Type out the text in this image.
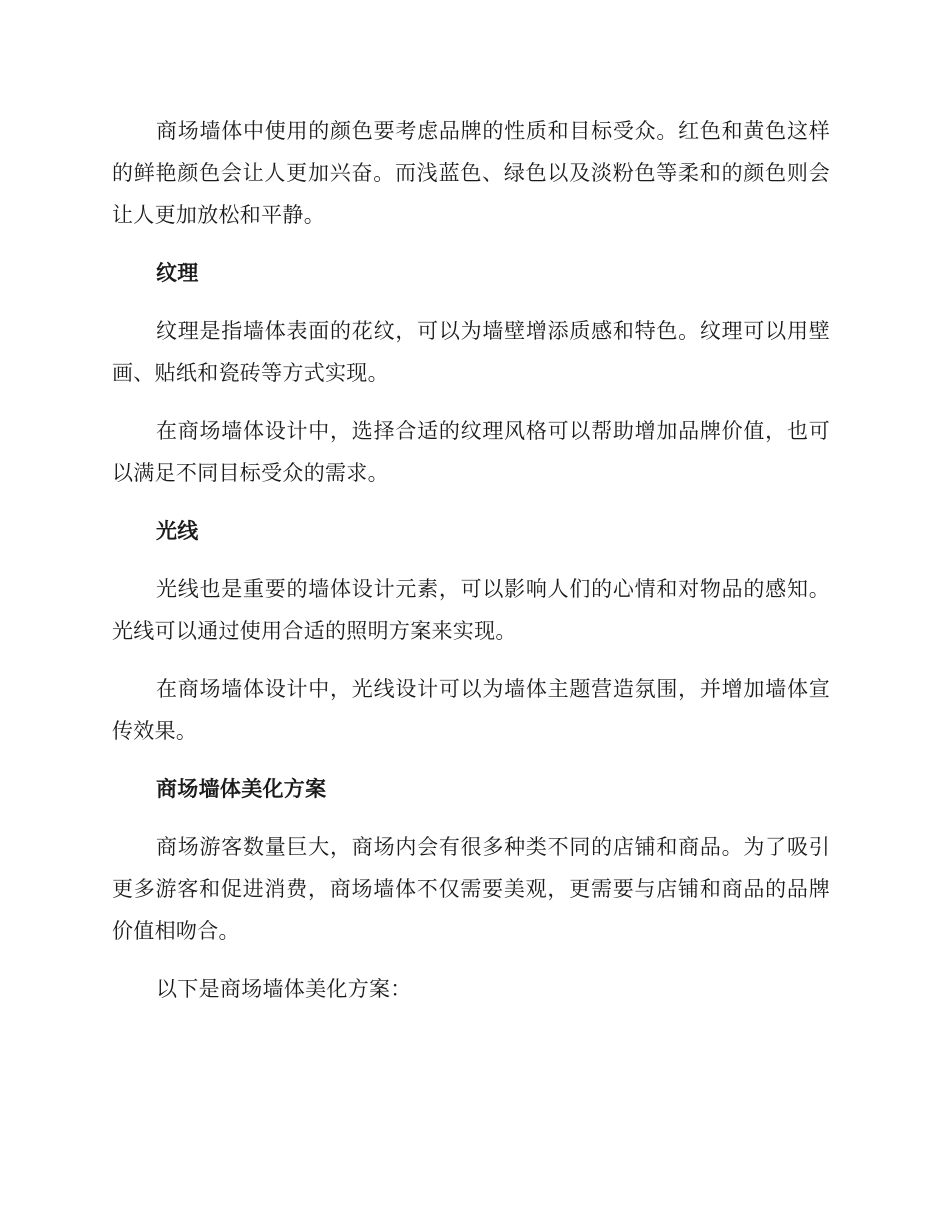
商场墙体中使用的颜色要考虑品牌的性质和目标受众。红色和黄色这样的鲜艳颜色会让人更加兴奋。而浅蓝色、绿色以及淡粉色等柔和的颜色则会让人更加放松和平静。

纹理

纹理是指墙体表面的花纹，可以为墙壁增添质感和特色。纹理可以用壁画、贴纸和瓷砖等方式实现。

在商场墙体设计中，选择合适的纹理风格可以帮助增加品牌价值，也可以满足不同目标受众的需求。

光线

光线也是重要的墙体设计元素，可以影响人们的心情和对物品的感知。光线可以通过使用合适的照明方案来实现。

在商场墙体设计中，光线设计可以为墙体主题营造氛围，并增加墙体宣传效果。

商场墙体美化方案

商场游客数量巨大，商场内会有很多种类不同的店铺和商品。为了吸引更多游客和促进消费，商场墙体不仅需要美观，更需要与店铺和商品的品牌价值相吻合。

以下是商场墙体美化方案：
